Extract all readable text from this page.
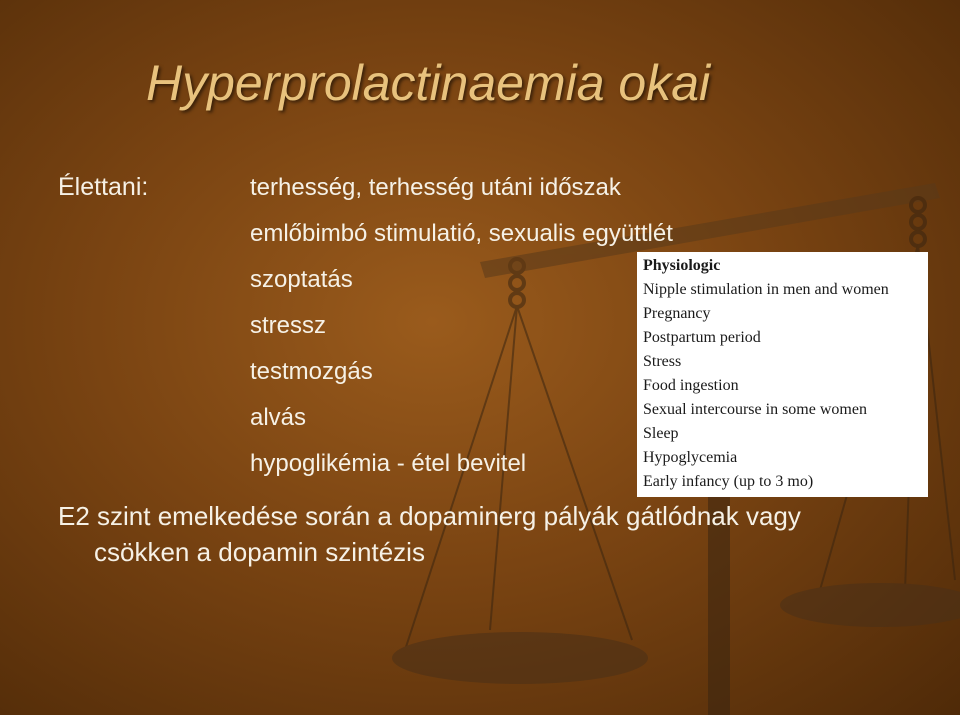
Hyperprolactinaemia okai
Élettani:	terhesség, terhesség utáni időszak
emlőbimbó stimulatió, sexualis együttlét
szoptatás
stressz
testmozgás
alvás
hypoglikémia - étel bevitel
Physiologic
Nipple stimulation in men and women
Pregnancy
Postpartum period
Stress
Food ingestion
Sexual intercourse in some women
Sleep
Hypoglycemia
Early infancy (up to 3 mo)
E2 szint emelkedése során a dopaminerg pályák gátlódnak vagy
csökken a dopamin szintézis
